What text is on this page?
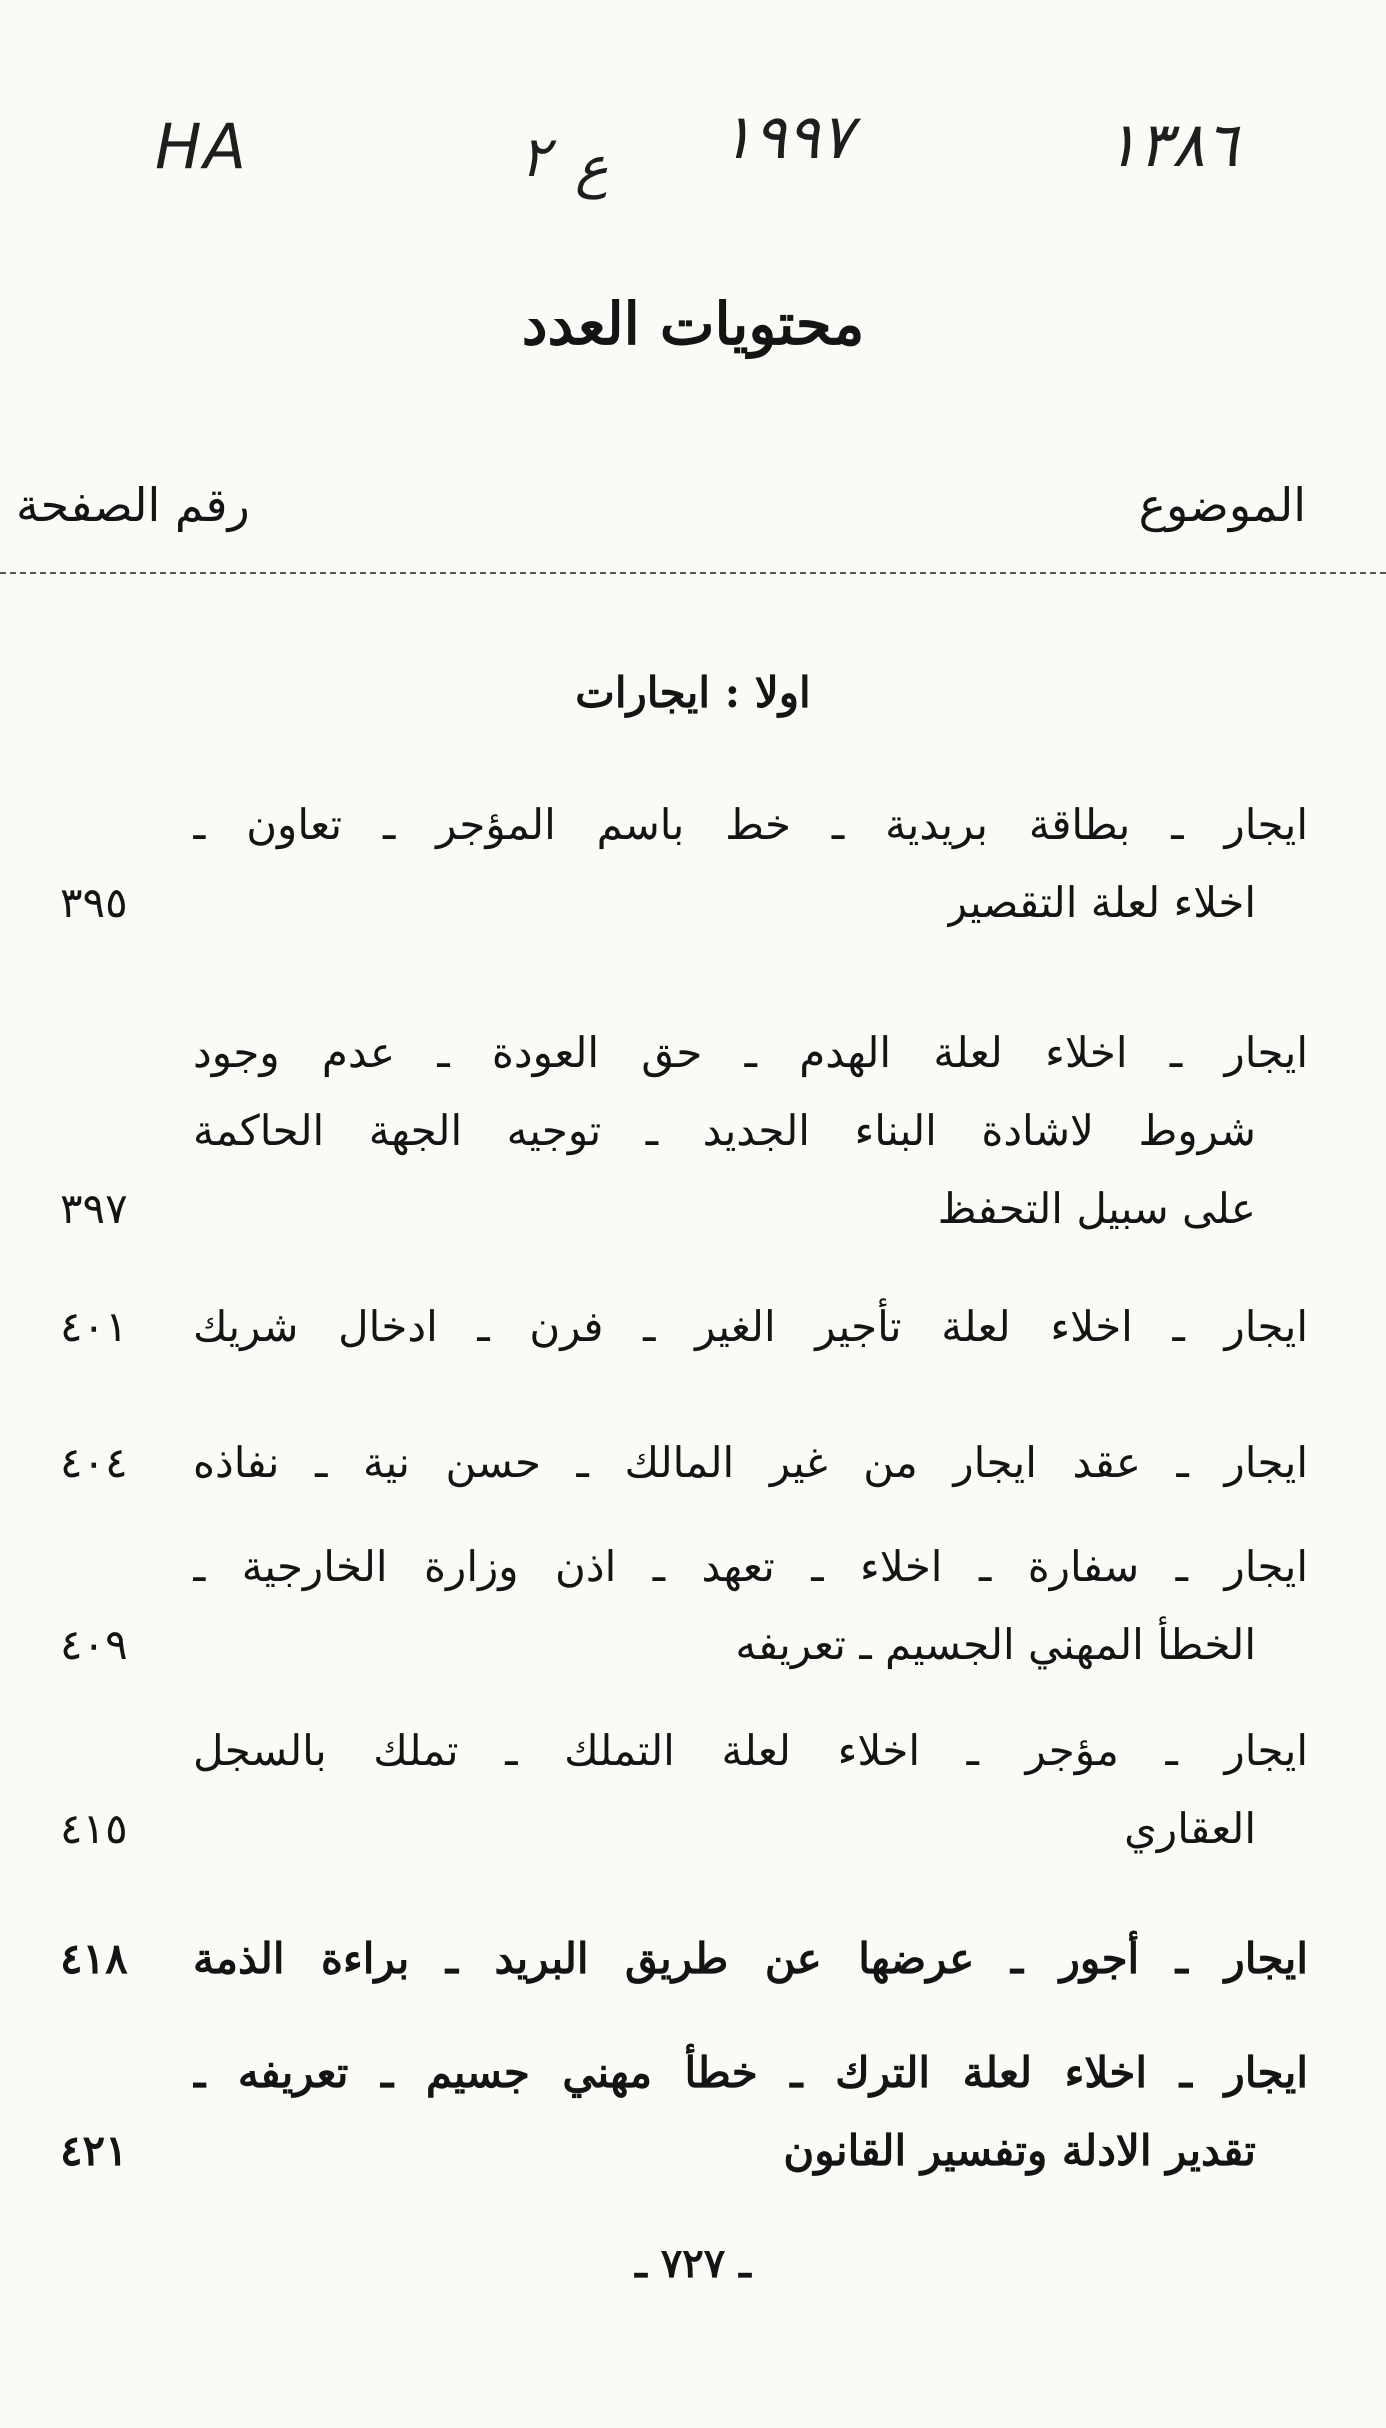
HA	٢ ع ١٩٩٧	١٣٨٦
محتويات العدد
الموضوع
رقم الصفحة
اولا : ايجارات
ايجار ـ بطاقة بريدية ـ خط باسم المؤجر ـ تعاون ـ
اخلاء لعلة التقصير
٣٩٥
ايجار ـ اخلاء لعلة الهدم ـ حق العودة ـ عدم وجود
شروط لاشادة البناء الجديد ـ توجيه الجهة الحاكمة
على سبيل التحفظ
٣٩٧
ايجار ـ اخلاء لعلة تأجير الغير ـ فرن ـ ادخال شريك
٤٠١
ايجار ـ عقد ايجار من غير المالك ـ حسن نية ـ نفاذه
٤٠٤
ايجار ـ سفارة ـ اخلاء ـ تعهد ـ اذن وزارة الخارجية ـ
الخطأ المهني الجسيم ـ تعريفه
٤٠٩
ايجار ـ مؤجر ـ اخلاء لعلة التملك ـ تملك بالسجل
العقاري
٤١٥
ايجار ـ أجور ـ عرضها عن طريق البريد ـ براءة الذمة
٤١٨
ايجار ـ اخلاء لعلة الترك ـ خطأ مهني جسيم ـ تعريفه ـ
تقدير الادلة وتفسير القانون
٤٢١
ـ ٧٢٧ ـ
